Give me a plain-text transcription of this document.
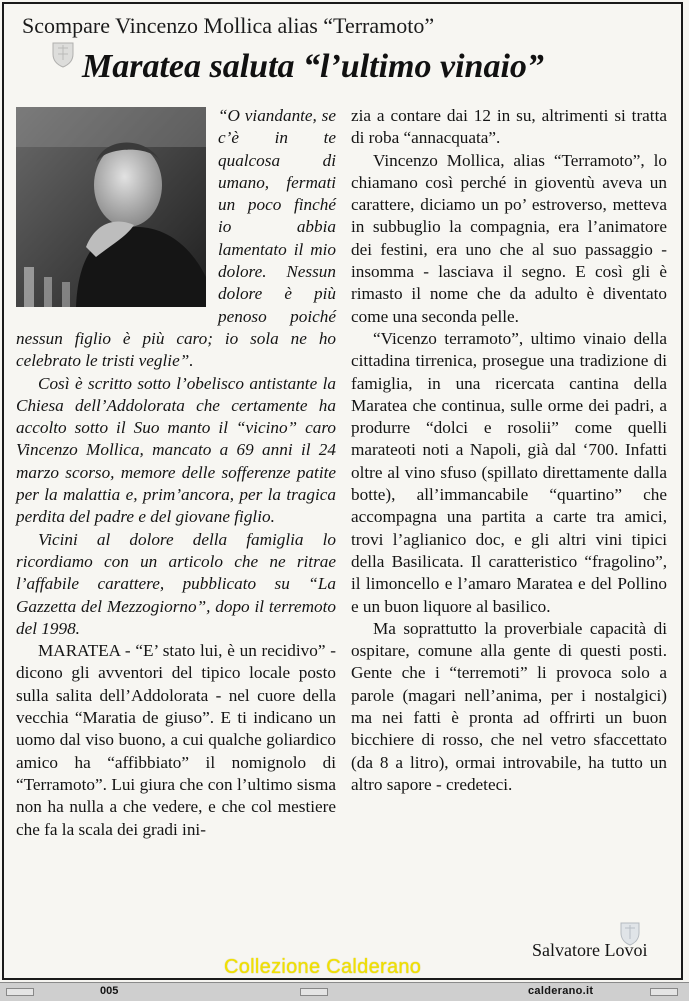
Scompare Vincenzo Mollica alias “Terramoto”
Maratea saluta “l’ultimo vinaio”

“O viandante, se c’è in te qualcosa di umano, fermati un poco finché io abbia lamentato il mio dolore. Nessun dolore è più penoso poiché nessun figlio è più caro; io sola ne ho celebrato le tristi veglie”.

Così è scritto sotto l’obelisco antistante la Chiesa dell’Addolorata che certamente ha accolto sotto il Suo manto il “vicino” caro Vincenzo Mollica, mancato a 69 anni il 24 marzo scorso, memore delle sofferenze patite per la malattia e, prim’ancora, per la tragica perdita del padre e del giovane figlio.

Vicini al dolore della famiglia lo ricordiamo con un articolo che ne ritrae l’affabile carattere, pubblicato su “La Gazzetta del Mezzogiorno”, dopo il terremoto del 1998.

MARATEA - “E’ stato lui, è un recidivo” - dicono gli avventori del tipico locale posto sulla salita dell’Addolorata - nel cuore della vecchia “Maratia de giuso”. E ti indicano un uomo dal viso buono, a cui qualche goliardico amico ha “affibbiato” il nomignolo di “Terramoto”. Lui giura che con l’ultimo sisma non ha nulla a che vedere, e che col mestiere che fa la scala dei gradi ini-

zia a contare dai 12 in su, altrimenti si tratta di roba “annacquata”.

Vincenzo Mollica, alias “Terramoto”, lo chiamano così perché in gioventù aveva un carattere, diciamo un po’ estroverso, metteva in subbuglio la compagnia, era l’animatore dei festini, era uno che al suo passaggio - insomma - lasciava il segno. E così gli è rimasto il nome che da adulto è diventato come una seconda pelle.

“Vicenzo terramoto”, ultimo vinaio della cittadina tirrenica, prosegue una tradizione di famiglia, in una ricercata cantina della Maratea che continua, sulle orme dei padri, a produrre “dolci e rosolii” come quelli marateoti noti a Napoli, già dal ‘700. Infatti oltre al vino sfuso (spillato direttamente dalla botte), all’immancabile “quartino” che accompagna una partita a carte tra amici, trovi l’aglianico doc, e gli altri vini tipici della Basilicata. Il caratteristico “fragolino”, il limoncello e l’amaro Maratea e del Pollino e un buon liquore al basilico.

Ma soprattutto la proverbiale capacità di ospitare, comune alla gente di questi posti. Gente che i “terremoti” li provoca solo a parole (magari nell’anima, per i nostalgici) ma nei fatti è pronta ad offrirti un buon bicchiere di rosso, che nel vetro sfaccettato (da 8 a litro), ormai introvabile, ha tutto un altro sapore - credeteci.

Salvatore Lovoi
Collezione Calderano
005	calderano.it
